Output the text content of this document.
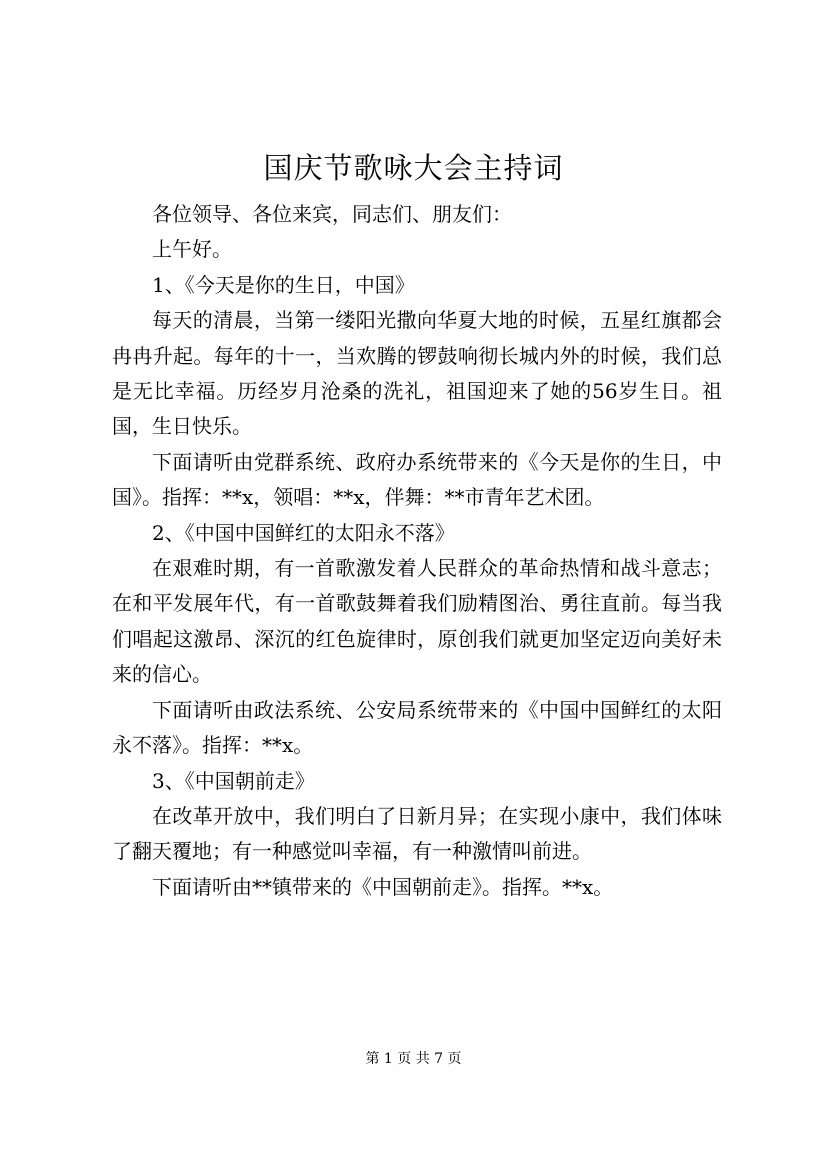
国庆节歌咏大会主持词

各位领导、各位来宾，同志们、朋友们：

上午好。

1、《今天是你的生日，中国》

每天的清晨，当第一缕阳光撒向华夏大地的时候，五星红旗都会冉冉升起。每年的十一，当欢腾的锣鼓响彻长城内外的时候，我们总是无比幸福。历经岁月沧桑的洗礼，祖国迎来了她的56岁生日。祖国，生日快乐。

下面请听由党群系统、政府办系统带来的《今天是你的生日，中国》。指挥：**x，领唱：**x，伴舞：**市青年艺术团。

2、《中国中国鲜红的太阳永不落》

在艰难时期，有一首歌激发着人民群众的革命热情和战斗意志；在和平发展年代，有一首歌鼓舞着我们励精图治、勇往直前。每当我们唱起这激昂、深沉的红色旋律时，原创我们就更加坚定迈向美好未来的信心。

下面请听由政法系统、公安局系统带来的《中国中国鲜红的太阳永不落》。指挥：**x。

3、《中国朝前走》

在改革开放中，我们明白了日新月异；在实现小康中，我们体味了翻天覆地；有一种感觉叫幸福，有一种激情叫前进。

下面请听由**镇带来的《中国朝前走》。指挥。**x。

第 1 页 共 7 页
